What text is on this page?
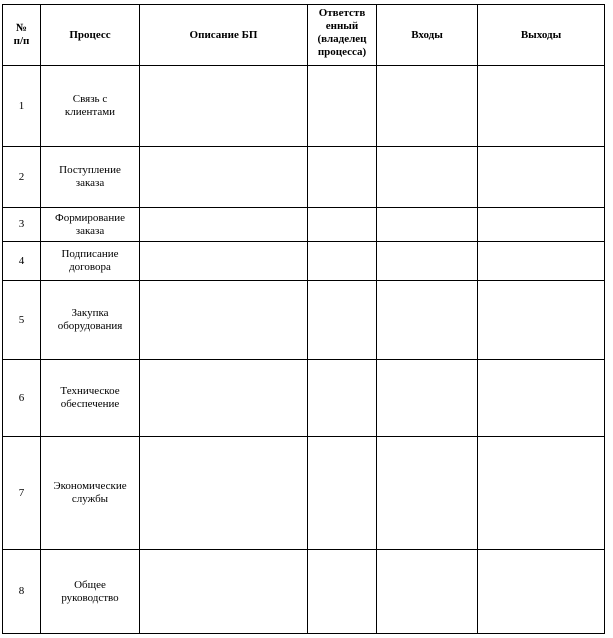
№
п/п	Процесс	Описание БП	Ответств
енный
(владелец
процесса)	Входы	Выходы
1	Связь с
клиентами				
2	Поступление
заказа				
3	Формирование
заказа				
4	Подписание
договора				
5	Закупка
оборудования				
6	Техническое
обеспечение				
7	Экономические
службы				
8	Общее
руководство				
